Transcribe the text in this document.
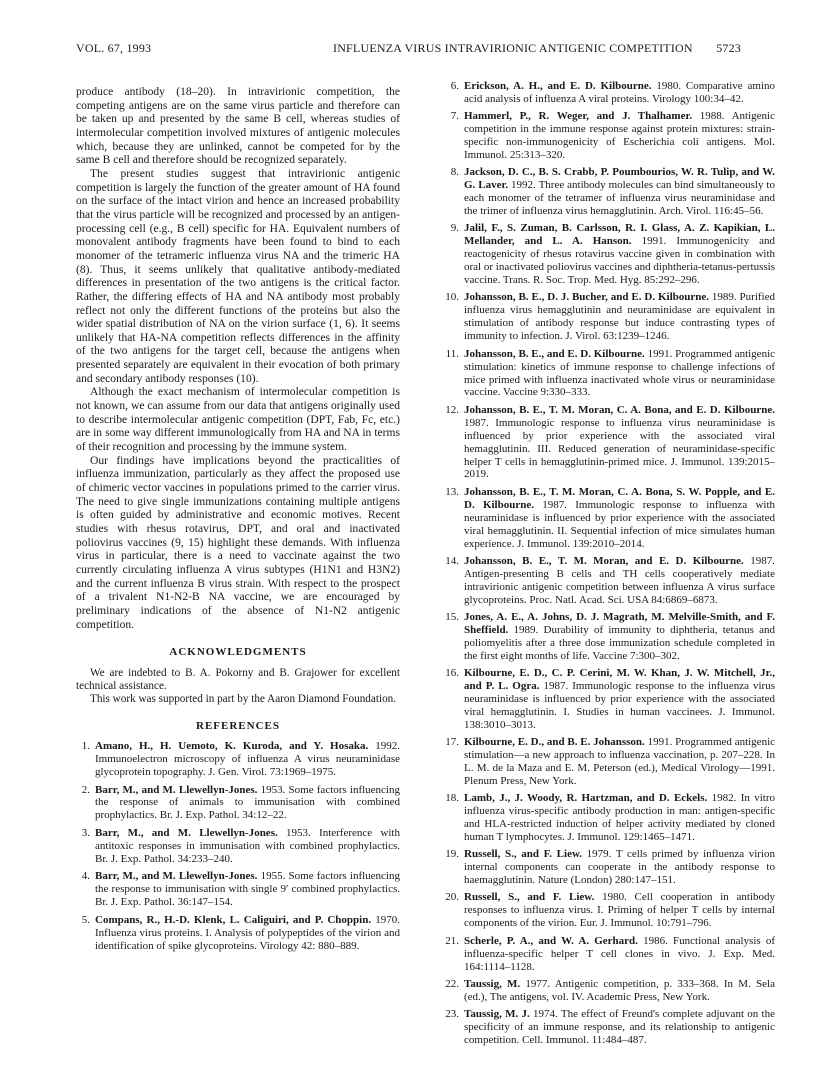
VOL. 67, 1993	INFLUENZA VIRUS INTRAVIRIONIC ANTIGENIC COMPETITION 5723

produce antibody (18–20). In intravirionic competition, the competing antigens are on the same virus particle and therefore can be taken up and presented by the same B cell, whereas studies of intermolecular competition involved mixtures of antigenic molecules which, because they are unlinked, cannot be competed for by the same B cell and therefore should be recognized separately.

The present studies suggest that intravirionic antigenic competition is largely the function of the greater amount of HA found on the surface of the intact virion and hence an increased probability that the virus particle will be recognized and processed by an antigen-processing cell (e.g., B cell) specific for HA. Equivalent numbers of monovalent antibody fragments have been found to bind to each monomer of the tetrameric influenza virus NA and the trimeric HA (8). Thus, it seems unlikely that qualitative antibody-mediated differences in presentation of the two antigens is the critical factor. Rather, the differing effects of HA and NA antibody most probably reflect not only the different functions of the proteins but also the wider spatial distribution of NA on the virion surface (1, 6). It seems unlikely that HA-NA competition reflects differences in the affinity of the two antigens for the target cell, because the antigens when presented separately are equivalent in their evocation of both primary and secondary antibody responses (10).

Although the exact mechanism of intermolecular competition is not known, we can assume from our data that antigens originally used to describe intermolecular antigenic competition (DPT, Fab, Fc, etc.) are in some way different immunologically from HA and NA in terms of their recognition and processing by the immune system.

Our findings have implications beyond the practicalities of influenza immunization, particularly as they affect the proposed use of chimeric vector vaccines in populations primed to the carrier virus. The need to give single immunizations containing multiple antigens is often guided by administrative and economic motives. Recent studies with rhesus rotavirus, DPT, and oral and inactivated poliovirus vaccines (9, 15) highlight these demands. With influenza virus in particular, there is a need to vaccinate against the two currently circulating influenza A virus subtypes (H1N1 and H3N2) and the current influenza B virus strain. With respect to the prospect of a trivalent N1-N2-B NA vaccine, we are encouraged by preliminary indications of the absence of N1-N2 antigenic competition.

ACKNOWLEDGMENTS

We are indebted to B. A. Pokorny and B. Grajower for excellent technical assistance.

This work was supported in part by the Aaron Diamond Foundation.

REFERENCES
1. Amano, H., H. Uemoto, K. Kuroda, and Y. Hosaka. 1992. Immunoelectron microscopy of influenza A virus neuraminidase glycoprotein topography. J. Gen. Virol. 73:1969–1975.
2. Barr, M., and M. Llewellyn-Jones. 1953. Some factors influencing the response of animals to immunisation with combined prophylactics. Br. J. Exp. Pathol. 34:12–22.
3. Barr, M., and M. Llewellyn-Jones. 1953. Interference with antitoxic responses in immunisation with combined prophylactics. Br. J. Exp. Pathol. 34:233–240.
4. Barr, M., and M. Llewellyn-Jones. 1955. Some factors influencing the response to immunisation with single 9′ combined prophylactics. Br. J. Exp. Pathol. 36:147–154.
5. Compans, R., H.-D. Klenk, L. Caliguiri, and P. Choppin. 1970. Influenza virus proteins. I. Analysis of polypeptides of the virion and identification of spike glycoproteins. Virology 42: 880–889.
6. Erickson, A. H., and E. D. Kilbourne. 1980. Comparative amino acid analysis of influenza A viral proteins. Virology 100:34–42.
7. Hammerl, P., R. Weger, and J. Thalhamer. 1988. Antigenic competition in the immune response against protein mixtures: strain-specific non-immunogenicity of Escherichia coli antigens. Mol. Immunol. 25:313–320.
8. Jackson, D. C., B. S. Crabb, P. Poumbourios, W. R. Tulip, and W. G. Laver. 1992. Three antibody molecules can bind simultaneously to each monomer of the tetramer of influenza virus neuraminidase and the trimer of influenza virus hemagglutinin. Arch. Virol. 116:45–56.
9. Jalil, F., S. Zuman, B. Carlsson, R. I. Glass, A. Z. Kapikian, L. Mellander, and L. A. Hanson. 1991. Immunogenicity and reactogenicity of rhesus rotavirus vaccine given in combination with oral or inactivated poliovirus vaccines and diphtheria-tetanus-pertussis vaccine. Trans. R. Soc. Trop. Med. Hyg. 85:292–296.
10. Johansson, B. E., D. J. Bucher, and E. D. Kilbourne. 1989. Purified influenza virus hemagglutinin and neuraminidase are equivalent in stimulation of antibody response but induce contrasting types of immunity to infection. J. Virol. 63:1239–1246.
11. Johansson, B. E., and E. D. Kilbourne. 1991. Programmed antigenic stimulation: kinetics of immune response to challenge infections of mice primed with influenza inactivated whole virus or neuraminidase vaccine. Vaccine 9:330–333.
12. Johansson, B. E., T. M. Moran, C. A. Bona, and E. D. Kilbourne. 1987. Immunologic response to influenza virus neuraminidase is influenced by prior experience with the associated viral hemagglutinin. III. Reduced generation of neuraminidase-specific helper T cells in hemagglutinin-primed mice. J. Immunol. 139:2015–2019.
13. Johansson, B. E., T. M. Moran, C. A. Bona, S. W. Popple, and E. D. Kilbourne. 1987. Immunologic response to influenza with neuraminidase is influenced by prior experience with the associated viral hemagglutinin. II. Sequential infection of mice simulates human experience. J. Immunol. 139:2010–2014.
14. Johansson, B. E., T. M. Moran, and E. D. Kilbourne. 1987. Antigen-presenting B cells and TH cells cooperatively mediate intravirionic antigenic competition between influenza A virus surface glycoproteins. Proc. Natl. Acad. Sci. USA 84:6869–6873.
15. Jones, A. E., A. Johns, D. J. Magrath, M. Melville-Smith, and F. Sheffield. 1989. Durability of immunity to diphtheria, tetanus and poliomyelitis after a three dose immunization schedule completed in the first eight months of life. Vaccine 7:300–302.
16. Kilbourne, E. D., C. P. Cerini, M. W. Khan, J. W. Mitchell, Jr., and P. L. Ogra. 1987. Immunologic response to the influenza virus neuraminidase is influenced by prior experience with the associated viral hemagglutinin. I. Studies in human vaccinees. J. Immunol. 138:3010–3013.
17. Kilbourne, E. D., and B. E. Johansson. 1991. Programmed antigenic stimulation—a new approach to influenza vaccination, p. 207–228. In L. M. de la Maza and E. M. Peterson (ed.), Medical Virology—1991. Plenum Press, New York.
18. Lamb, J., J. Woody, R. Hartzman, and D. Eckels. 1982. In vitro influenza virus-specific antibody production in man: antigen-specific and HLA-restricted induction of helper activity mediated by cloned human T lymphocytes. J. Immunol. 129:1465–1471.
19. Russell, S., and F. Liew. 1979. T cells primed by influenza virion internal components can cooperate in the antibody response to haemagglutinin. Nature (London) 280:147–151.
20. Russell, S., and F. Liew. 1980. Cell cooperation in antibody responses to influenza virus. I. Priming of helper T cells by internal components of the virion. Eur. J. Immunol. 10:791–796.
21. Scherle, P. A., and W. A. Gerhard. 1986. Functional analysis of influenza-specific helper T cell clones in vivo. J. Exp. Med. 164:1114–1128.
22. Taussig, M. 1977. Antigenic competition, p. 333–368. In M. Sela (ed.), The antigens, vol. IV. Academic Press, New York.
23. Taussig, M. J. 1974. The effect of Freund's complete adjuvant on the specificity of an immune response, and its relationship to antigenic competition. Cell. Immunol. 11:484–487.
